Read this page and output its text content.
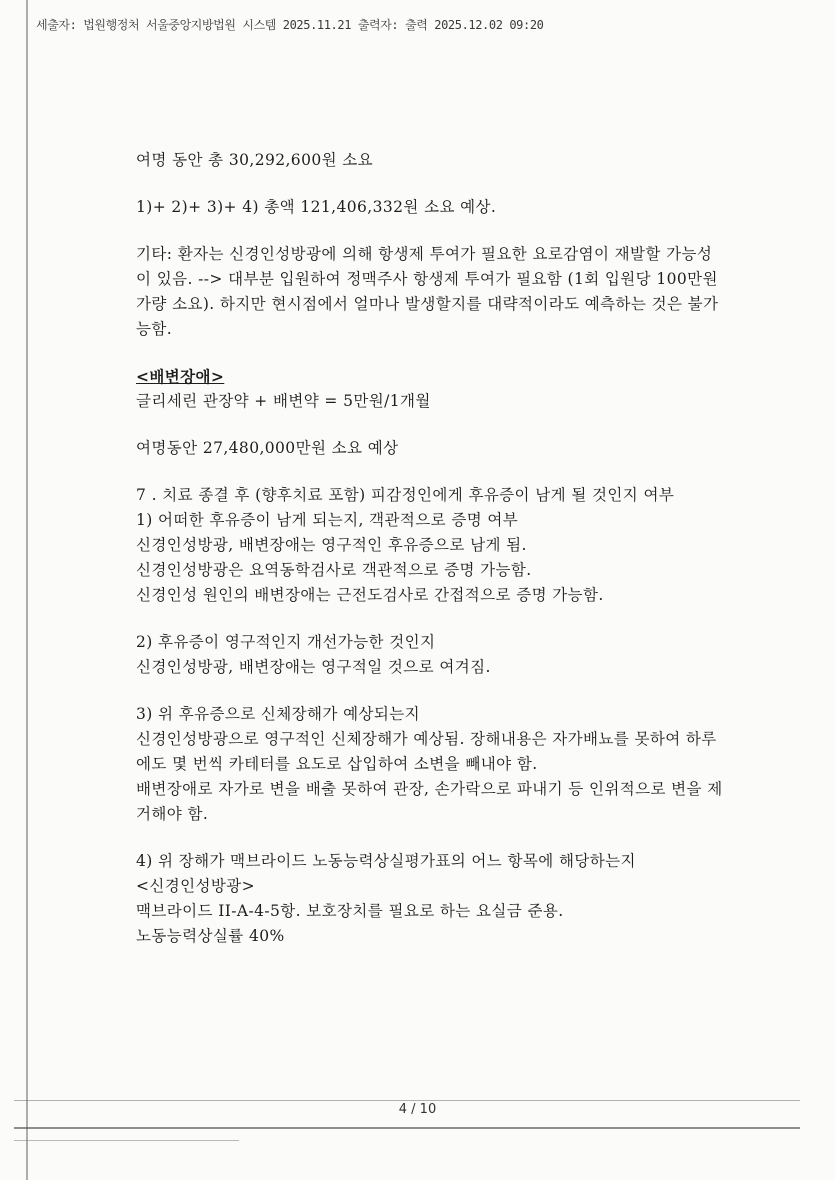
세출자: 법원행정처 서울중앙지방법원 시스템 2025.11.21 출력자: 출력 2025.12.02 09:20

여명 동안 총 30,292,600원 소요

1)+ 2)+ 3)+ 4) 총액 121,406,332원 소요 예상.

기타: 환자는 신경인성방광에 의해 항생제 투여가 필요한 요로감염이 재발할 가능성이 있음. --> 대부분 입원하여 정맥주사 항생제 투여가 필요함 (1회 입원당 100만원 가량 소요). 하지만 현시점에서 얼마나 발생할지를 대략적이라도 예측하는 것은 불가능함.

<배변장애>

글리세린 관장약 + 배변약 = 5만원/1개월

여명동안 27,480,000만원 소요 예상

7 . 치료 종결 후 (향후치료 포함) 피감정인에게 후유증이 남게 될 것인지 여부

1) 어떠한 후유증이 남게 되는지, 객관적으로 증명 여부

신경인성방광, 배변장애는 영구적인 후유증으로 남게 됨.

신경인성방광은 요역동학검사로 객관적으로 증명 가능함.

신경인성 원인의 배변장애는 근전도검사로 간접적으로 증명 가능함.

2) 후유증이 영구적인지 개선가능한 것인지

신경인성방광, 배변장애는 영구적일 것으로 여겨짐.

3) 위 후유증으로 신체장해가 예상되는지

신경인성방광으로 영구적인 신체장해가 예상됨. 장해내용은 자가배뇨를 못하여 하루에도 몇 번씩 카테터를 요도로 삽입하여 소변을 빼내야 함.

배변장애로 자가로 변을 배출 못하여 관장, 손가락으로 파내기 등 인위적으로 변을 제거해야 함.

4) 위 장해가 맥브라이드 노동능력상실평가표의 어느 항목에 해당하는지

<신경인성방광>

맥브라이드 II-A-4-5항. 보호장치를 필요로 하는 요실금 준용.

노동능력상실률 40%

4 / 10
